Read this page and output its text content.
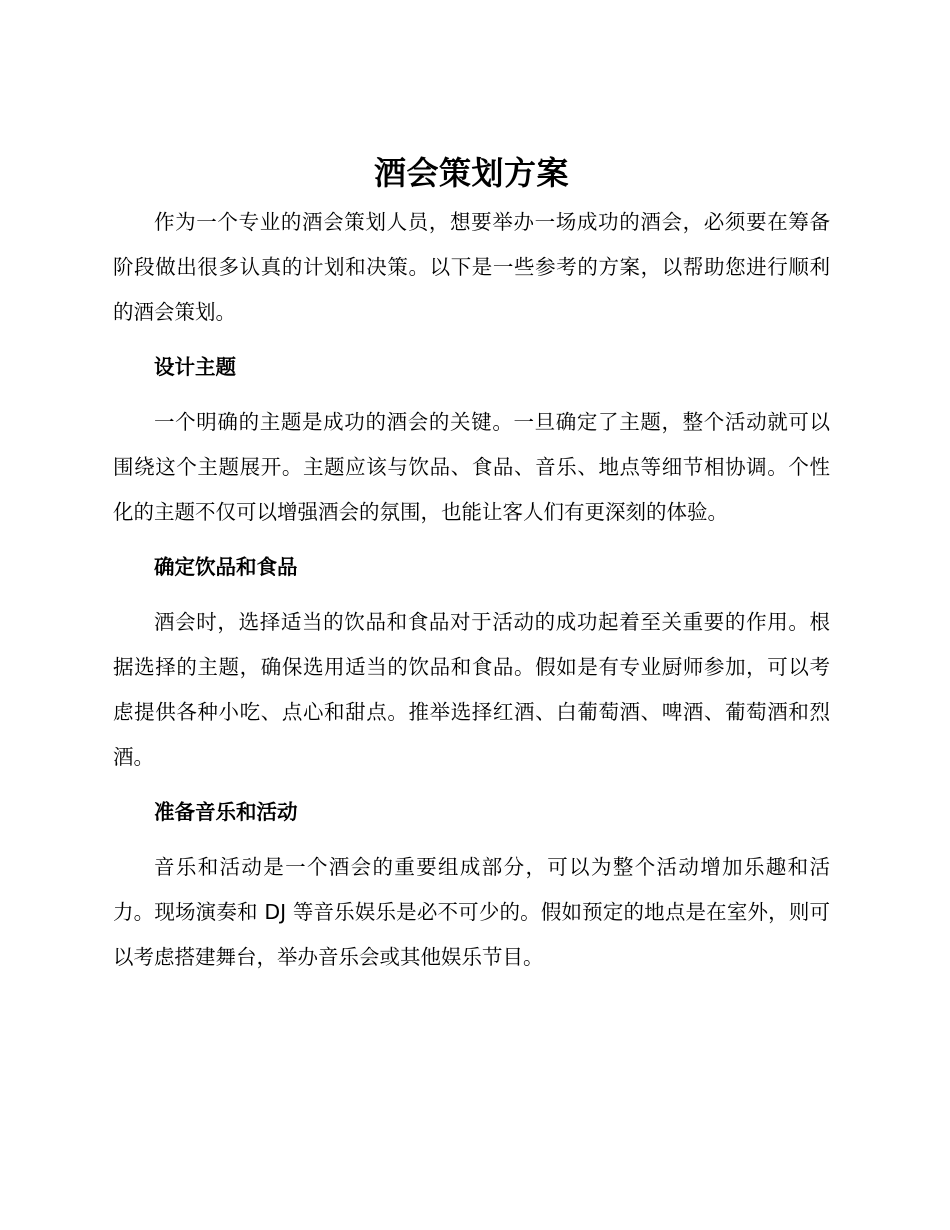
酒会策划方案

作为一个专业的酒会策划人员，想要举办一场成功的酒会，必须要在筹备阶段做出很多认真的计划和决策。以下是一些参考的方案，以帮助您进行顺利的酒会策划。

设计主题

一个明确的主题是成功的酒会的关键。一旦确定了主题，整个活动就可以围绕这个主题展开。主题应该与饮品、食品、音乐、地点等细节相协调。个性化的主题不仅可以增强酒会的氛围，也能让客人们有更深刻的体验。

确定饮品和食品

酒会时，选择适当的饮品和食品对于活动的成功起着至关重要的作用。根据选择的主题，确保选用适当的饮品和食品。假如是有专业厨师参加，可以考虑提供各种小吃、点心和甜点。推举选择红酒、白葡萄酒、啤酒、葡萄酒和烈酒。

准备音乐和活动

音乐和活动是一个酒会的重要组成部分，可以为整个活动增加乐趣和活力。现场演奏和 DJ 等音乐娱乐是必不可少的。假如预定的地点是在室外，则可以考虑搭建舞台，举办音乐会或其他娱乐节目。
